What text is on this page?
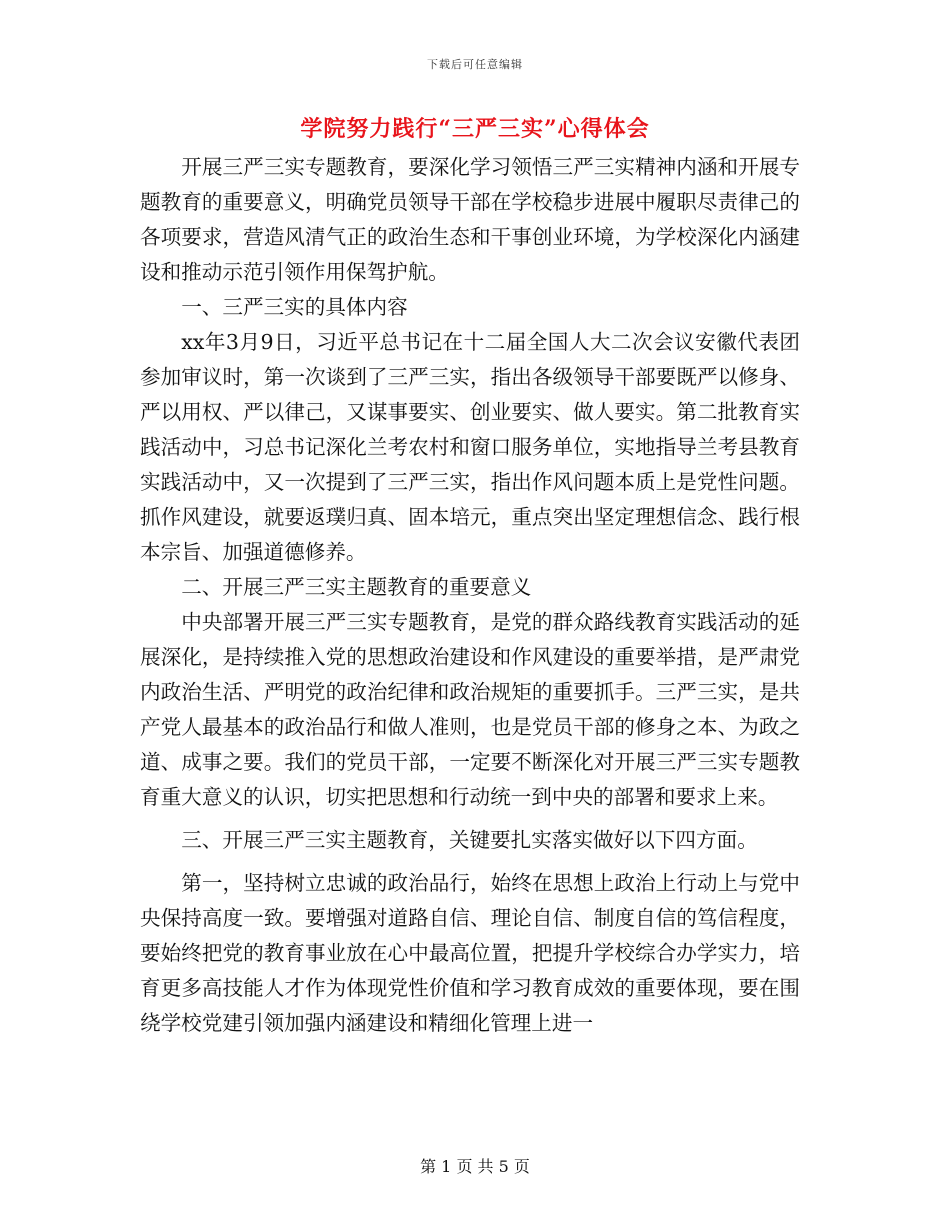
下载后可任意编辑
学院努力践行“三严三实”心得体会

开展三严三实专题教育，要深化学习领悟三严三实精神内涵和开展专题教育的重要意义，明确党员领导干部在学校稳步进展中履职尽责律己的各项要求，营造风清气正的政治生态和干事创业环境，为学校深化内涵建设和推动示范引领作用保驾护航。

一、三严三实的具体内容

xx年3月9日，习近平总书记在十二届全国人大二次会议安徽代表团参加审议时，第一次谈到了三严三实，指出各级领导干部要既严以修身、严以用权、严以律己，又谋事要实、创业要实、做人要实。第二批教育实践活动中，习总书记深化兰考农村和窗口服务单位，实地指导兰考县教育实践活动中，又一次提到了三严三实，指出作风问题本质上是党性问题。抓作风建设，就要返璞归真、固本培元，重点突出坚定理想信念、践行根本宗旨、加强道德修养。

二、开展三严三实主题教育的重要意义

中央部署开展三严三实专题教育，是党的群众路线教育实践活动的延展深化，是持续推入党的思想政治建设和作风建设的重要举措，是严肃党内政治生活、严明党的政治纪律和政治规矩的重要抓手。三严三实，是共产党人最基本的政治品行和做人准则，也是党员干部的修身之本、为政之道、成事之要。我们的党员干部，一定要不断深化对开展三严三实专题教育重大意义的认识，切实把思想和行动统一到中央的部署和要求上来。

三、开展三严三实主题教育，关键要扎实落实做好以下四方面。

第一，坚持树立忠诚的政治品行，始终在思想上政治上行动上与党中央保持高度一致。要增强对道路自信、理论自信、制度自信的笃信程度，要始终把党的教育事业放在心中最高位置，把提升学校综合办学实力，培育更多高技能人才作为体现党性价值和学习教育成效的重要体现，要在围绕学校党建引领加强内涵建设和精细化管理上进一

第 1 页 共 5 页
